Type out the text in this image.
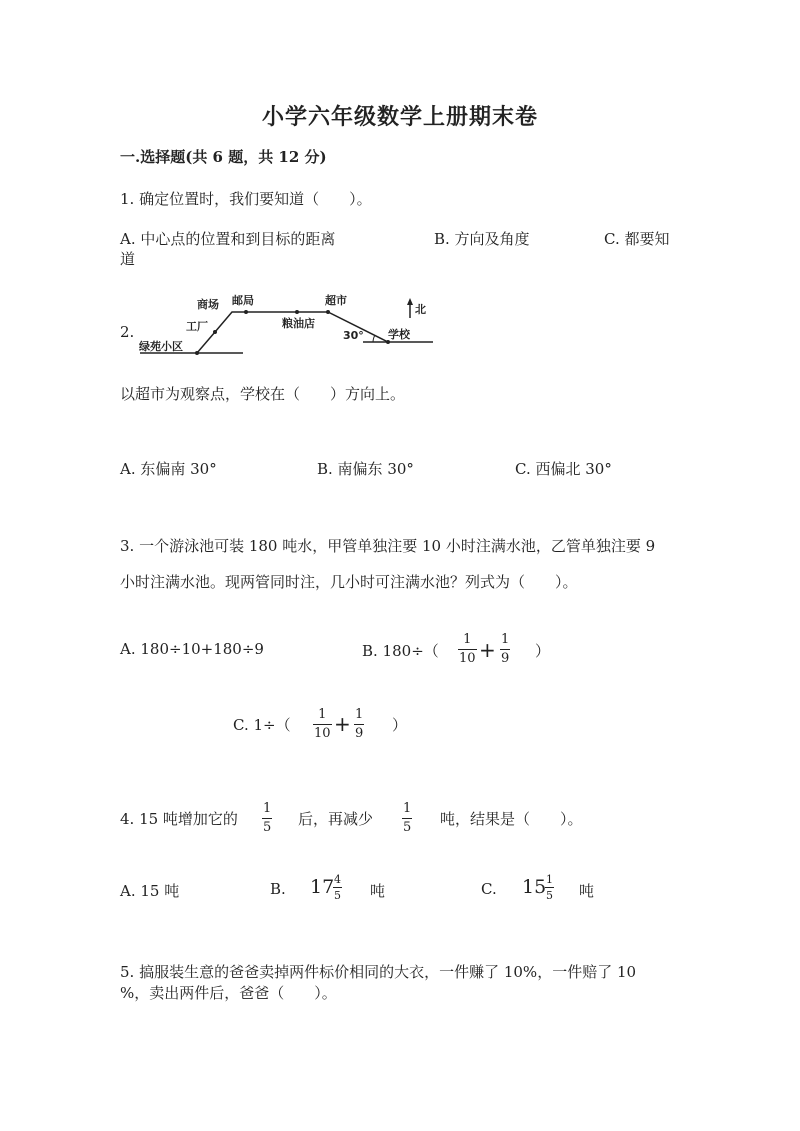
小学六年级数学上册期末卷
一.选择题(共 6 题，共 12 分)
1. 确定位置时，我们要知道（　　）。
A. 中心点的位置和到目标的距离	B. 方向及角度	C. 都要知
道
2.
商场 邮局
工厂
绿苑小区
粮油店
超市
学校
30°
北
以超市为观察点，学校在（　　）方向上。
A. 东偏南 30°	B. 南偏东 30°	C. 西偏北 30°
3. 一个游泳池可装 180 吨水，甲管单独注要 10 小时注满水池，乙管单独注要 9
小时注满水池。现两管同时注，几小时可注满水池？列式为（　　）。
A. 180÷10+180÷9	B. 180÷（
1
10 + 1
9 ）
C. 1÷（
1
10 + 1
9 ）
4. 15 吨增加它的
1
5 后，再减少
1
5 吨，结果是（　　）。
A. 15 吨	B. 17 4
5 吨	C. 15 1
5 吨
5. 搞服装生意的爸爸卖掉两件标价相同的大衣，一件赚了 10%，一件赔了 10
%，卖出两件后，爸爸（　　）。
